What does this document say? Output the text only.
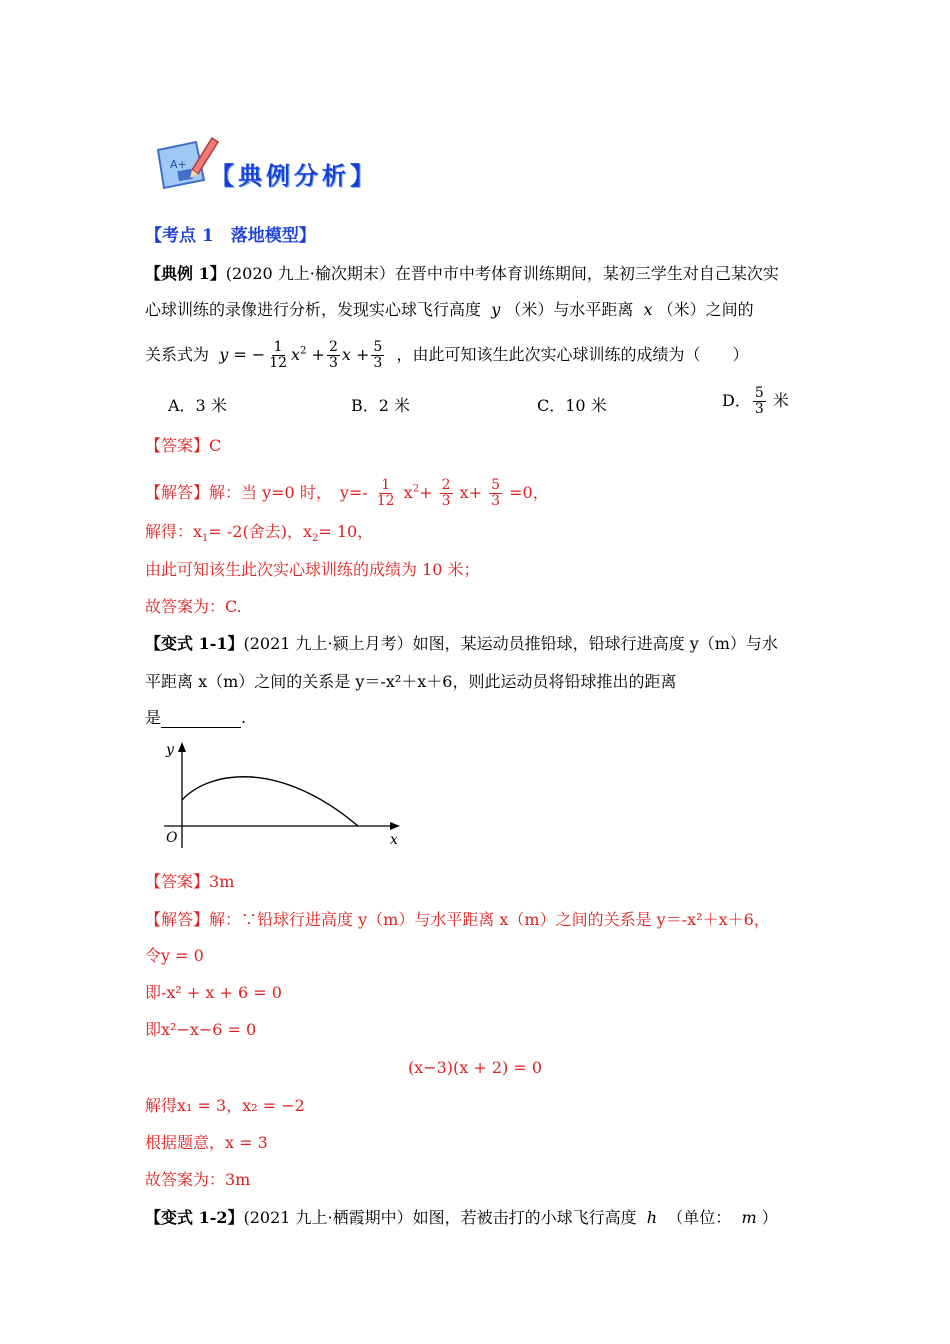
A+ 【典例分析】
【考点 1　落地模型】
【典例 1】(2020 九上·榆次期末）在晋中市中考体育训练期间，某初三学生对自己某次实
心球训练的录像进行分析，发现实心球飞行高度 y （米）与水平距离 x （米）之间的
关系式为 y = − $\frac{1}{12} x^2 + \frac{2}{3}$ $x + \frac{5}{3}$ ，由此可知该生此次实心球训练的成绩为（　　）
A．3 米	B．2 米	C．10 米	D． $\frac{5}{3}$ 米
【答案】C
【解答】解：当 y=0 时，　$y=- \frac{1}{12} x^2+ \frac{2}{3} x+ \frac{5}{3} =0$，
解得：$x_1= -2$(舍去)，$x_2= 10$，
由此可知该生此次实心球训练的成绩为 10 米；
故答案为：C.
【变式 1-1】(2021 九上·颍上月考）如图，某运动员推铅球，铅球行进高度 y（m）与水
平距离 x（m）之间的关系是 y＝-x²＋x＋6，则此运动员将铅球推出的距离
是	.
y
x
O
【答案】3m
【解答】解：∵铅球行进高度 y（m）与水平距离 x（m）之间的关系是 y＝-x²＋x＋6，
令y = 0
即-x² + x + 6 = 0
即x²−x−6 = 0
(x−3)(x + 2) = 0
解得x₁ = 3，x₂ = −2
根据题意，x = 3
故答案为：3m
【变式 1-2】(2021 九上·栖霞期中）如图，若被击打的小球飞行高度 h （单位： m ）
